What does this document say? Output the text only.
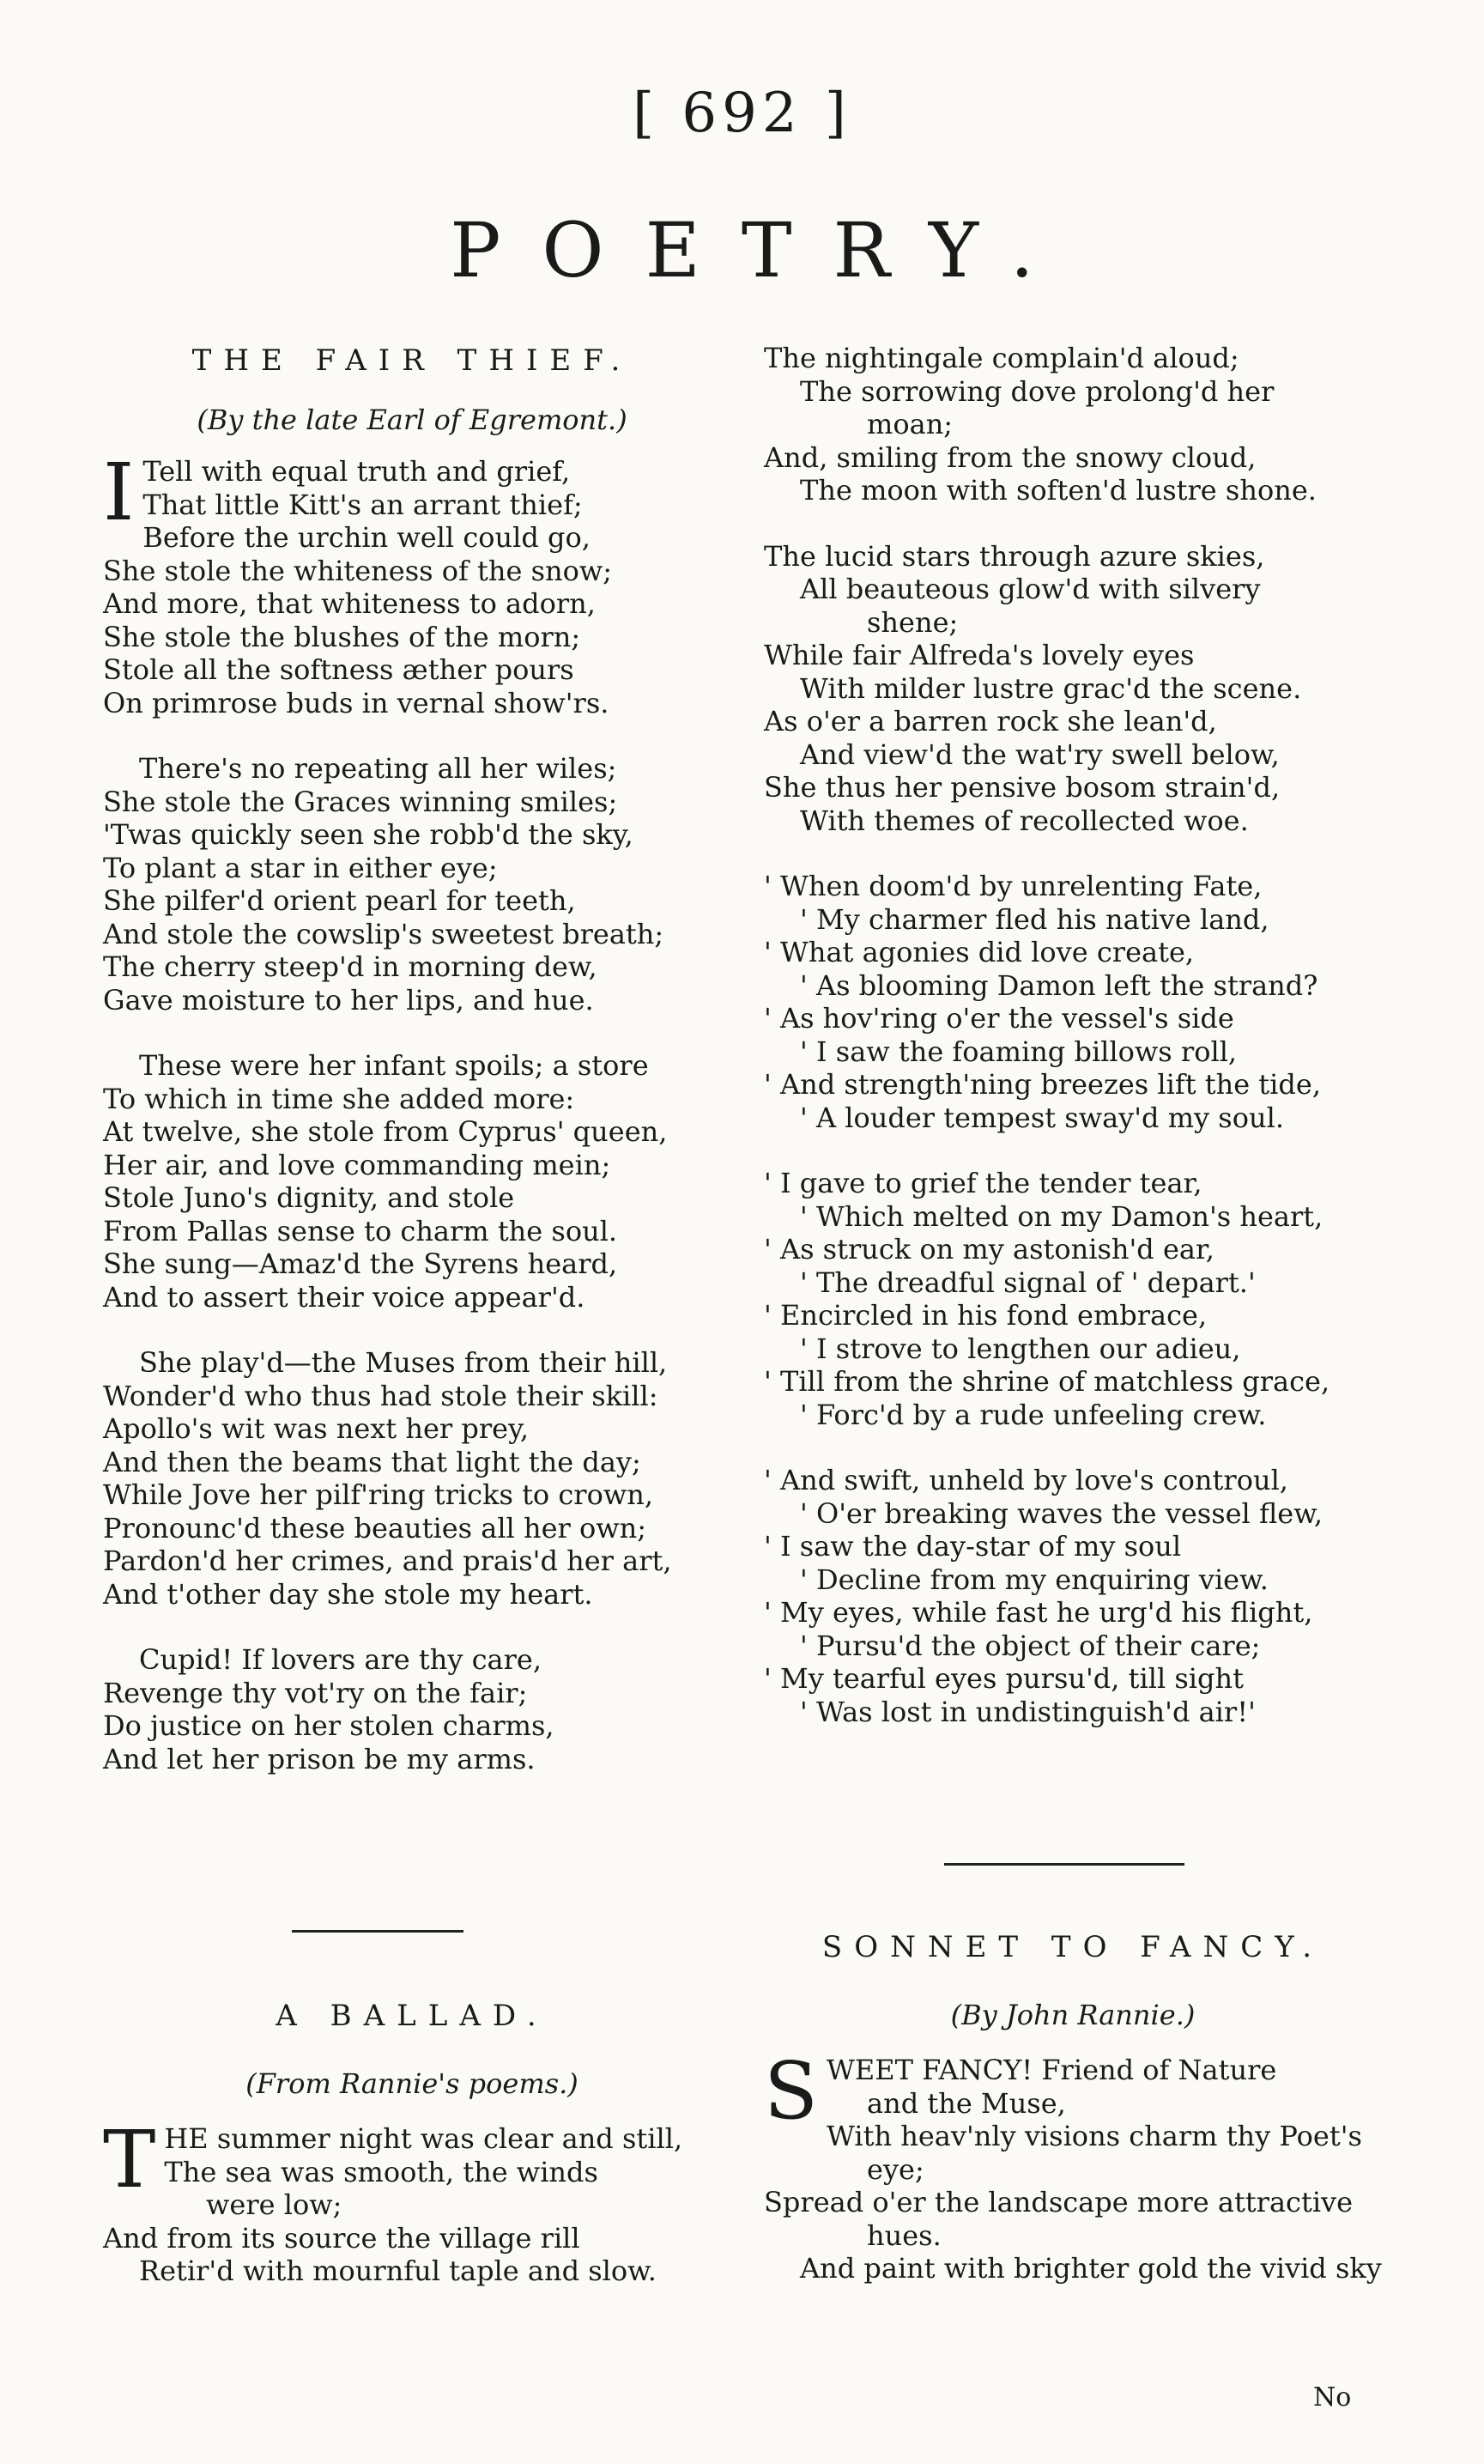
[ 692 ]
POETRY.
THE FAIR THIEF.
(By the late Earl of Egremont.)
I Tell with equal truth and grief,
That little Kitt's an arrant thief;
Before the urchin well could go,
She stole the whiteness of the snow;
And more, that whiteness to adorn,
She stole the blushes of the morn;
Stole all the softness æther pours
On primrose buds in vernal show'rs.
There's no repeating all her wiles;
She stole the Graces winning smiles;
'Twas quickly seen she robb'd the sky,
To plant a star in either eye;
She pilfer'd orient pearl for teeth,
And stole the cowslip's sweetest breath;
The cherry steep'd in morning dew,
Gave moisture to her lips, and hue.
These were her infant spoils; a store
To which in time she added more:
At twelve, she stole from Cyprus' queen,
Her air, and love commanding mein;
Stole Juno's dignity, and stole
From Pallas sense to charm the soul.
She sung—Amaz'd the Syrens heard,
And to assert their voice appear'd.
She play'd—the Muses from their hill,
Wonder'd who thus had stole their skill:
Apollo's wit was next her prey,
And then the beams that light the day;
While Jove her pilf'ring tricks to crown,
Pronounc'd these beauties all her own;
Pardon'd her crimes, and prais'd her art,
And t'other day she stole my heart.
Cupid! If lovers are thy care,
Revenge thy vot'ry on the fair;
Do justice on her stolen charms,
And let her prison be my arms.
A BALLAD.
(From Rannie's poems.)
T HE summer night was clear and still,
The sea was smooth, the winds
were low;
And from its source the village rill
Retir'd with mournful taple and slow.
The nightingale complain'd aloud;
The sorrowing dove prolong'd her
moan;
And, smiling from the snowy cloud,
The moon with soften'd lustre shone.
The lucid stars through azure skies,
All beauteous glow'd with silvery
shene;
While fair Alfreda's lovely eyes
With milder lustre grac'd the scene.
As o'er a barren rock she lean'd,
And view'd the wat'ry swell below,
She thus her pensive bosom strain'd,
With themes of recollected woe.
' When doom'd by unrelenting Fate,
' My charmer fled his native land,
' What agonies did love create,
' As blooming Damon left the strand?
' As hov'ring o'er the vessel's side
' I saw the foaming billows roll,
' And strength'ning breezes lift the tide,
' A louder tempest sway'd my soul.
' I gave to grief the tender tear,
' Which melted on my Damon's heart,
' As struck on my astonish'd ear,
' The dreadful signal of ' depart.'
' Encircled in his fond embrace,
' I strove to lengthen our adieu,
' Till from the shrine of matchless grace,
' Forc'd by a rude unfeeling crew.
' And swift, unheld by love's controul,
' O'er breaking waves the vessel flew,
' I saw the day-star of my soul
' Decline from my enquiring view.
' My eyes, while fast he urg'd his flight,
' Pursu'd the object of their care;
' My tearful eyes pursu'd, till sight
' Was lost in undistinguish'd air!'
SONNET TO FANCY.
(By John Rannie.)
S WEET FANCY! Friend of Nature
and the Muse,
With heav'nly visions charm thy Poet's
eye;
Spread o'er the landscape more attractive
hues.
And paint with brighter gold the vivid sky
No
